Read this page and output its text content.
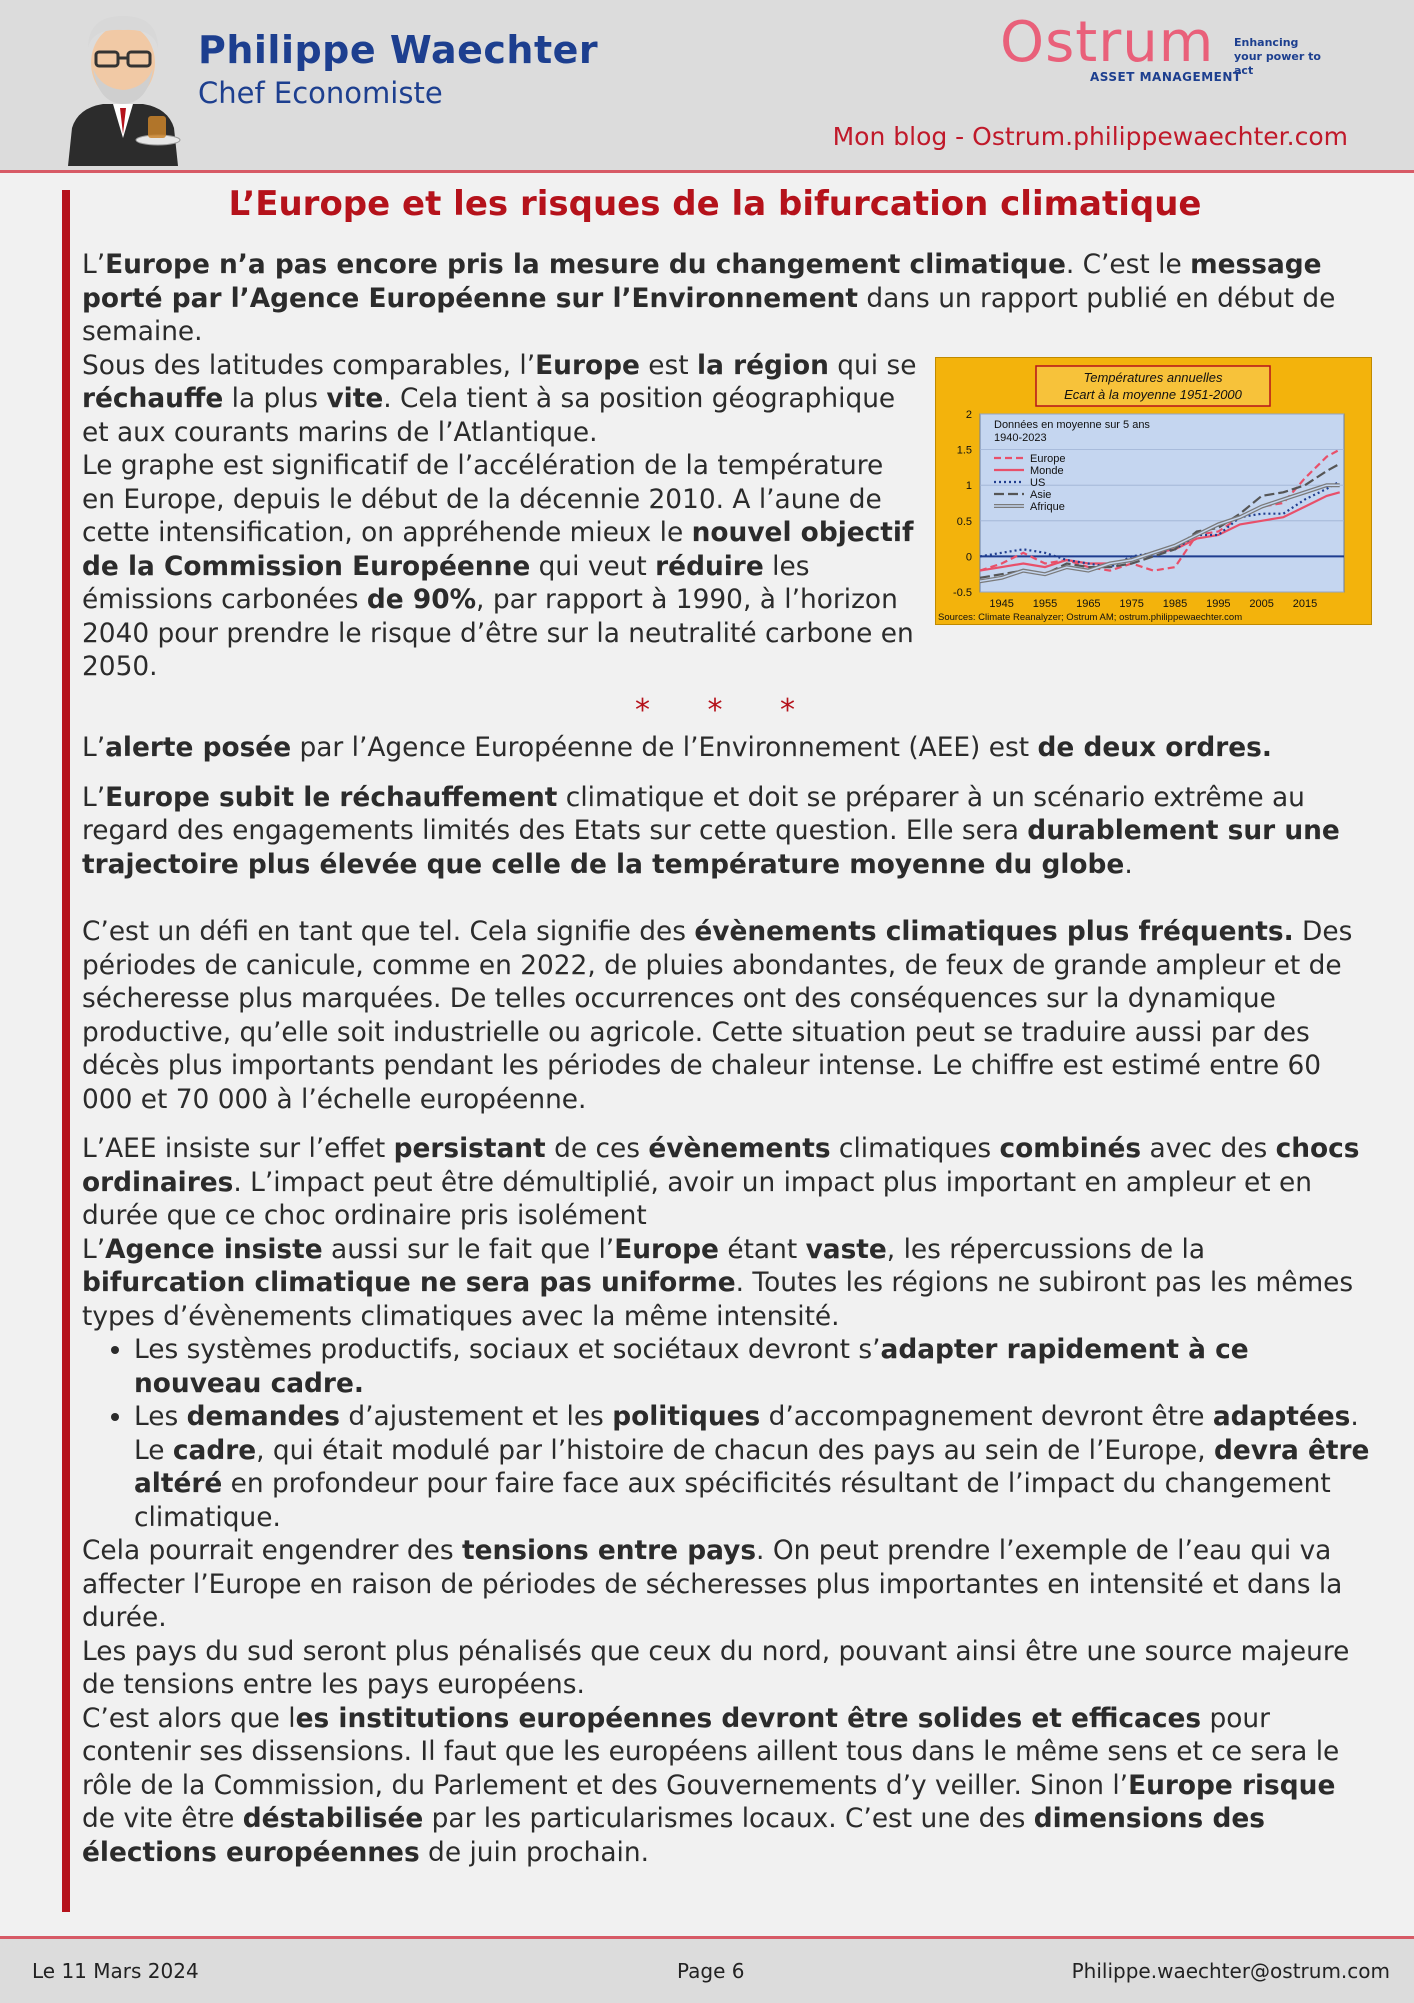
Philippe Waechter
Chef Economiste
Ostrum
ASSET MANAGEMENT
Enhancing your power to act
Mon blog - Ostrum.philippewaechter.com
L’Europe et les risques de la bifurcation climatique

L’Europe n’a pas encore pris la mesure du changement climatique. C’est le message porté par l’Agence Européenne sur l’Environnement dans un rapport publié en début de semaine.

Températures annuelles
Ecart à la moyenne 1951-2000
2
1.5
1
0.5
0
-0.5
1945 1955 1965 1975 1985 1995 2005 2015
Données en moyenne sur 5 ans
1940-2023
Europe
Monde
US
Asie
Afrique
Sources: Climate Reanalyzer; Ostrum AM; ostrum.philippewaechter.com

Sous des latitudes comparables, l’Europe est la région qui se réchauffe la plus vite. Cela tient à sa position géographique et aux courants marins de l’Atlantique.

Le graphe est significatif de l’accélération de la température en Europe, depuis le début de la décennie 2010. A l’aune de cette intensification, on appréhende mieux le nouvel objectif de la Commission Européenne qui veut réduire les émissions carbonées de 90%, par rapport à 1990, à l’horizon 2040 pour prendre le risque d’être sur la neutralité carbone en 2050.

* * *

L’alerte posée par l’Agence Européenne de l’Environnement (AEE) est de deux ordres.

L’Europe subit le réchauffement climatique et doit se préparer à un scénario extrême au regard des engagements limités des Etats sur cette question. Elle sera durablement sur une trajectoire plus élevée que celle de la température moyenne du globe.

C’est un défi en tant que tel. Cela signifie des évènements climatiques plus fréquents. Des périodes de canicule, comme en 2022, de pluies abondantes, de feux de grande ampleur et de sécheresse plus marquées. De telles occurrences ont des conséquences sur la dynamique productive, qu’elle soit industrielle ou agricole. Cette situation peut se traduire aussi par des décès plus importants pendant les périodes de chaleur intense. Le chiffre est estimé entre 60 000 et 70 000 à l’échelle européenne.

L’AEE insiste sur l’effet persistant de ces évènements climatiques combinés avec des chocs ordinaires. L’impact peut être démultiplié, avoir un impact plus important en ampleur et en durée que ce choc ordinaire pris isolément

L’Agence insiste aussi sur le fait que l’Europe étant vaste, les répercussions de la bifurcation climatique ne sera pas uniforme. Toutes les régions ne subiront pas les mêmes types d’évènements climatiques avec la même intensité.

• Les systèmes productifs, sociaux et sociétaux devront s’adapter rapidement à ce nouveau cadre.
• Les demandes d’ajustement et les politiques d’accompagnement devront être adaptées. Le cadre, qui était modulé par l’histoire de chacun des pays au sein de l’Europe, devra être altéré en profondeur pour faire face aux spécificités résultant de l’impact du changement climatique.

Cela pourrait engendrer des tensions entre pays. On peut prendre l’exemple de l’eau qui va affecter l’Europe en raison de périodes de sécheresses plus importantes en intensité et dans la durée.

Les pays du sud seront plus pénalisés que ceux du nord, pouvant ainsi être une source majeure de tensions entre les pays européens.

C’est alors que les institutions européennes devront être solides et efficaces pour contenir ses dissensions. Il faut que les européens aillent tous dans le même sens et ce sera le rôle de la Commission, du Parlement et des Gouvernements d’y veiller. Sinon l’Europe risque de vite être déstabilisée par les particularismes locaux. C’est une des dimensions des élections européennes de juin prochain.

Le 11 Mars 2024	Page 6	Philippe.waechter@ostrum.com
